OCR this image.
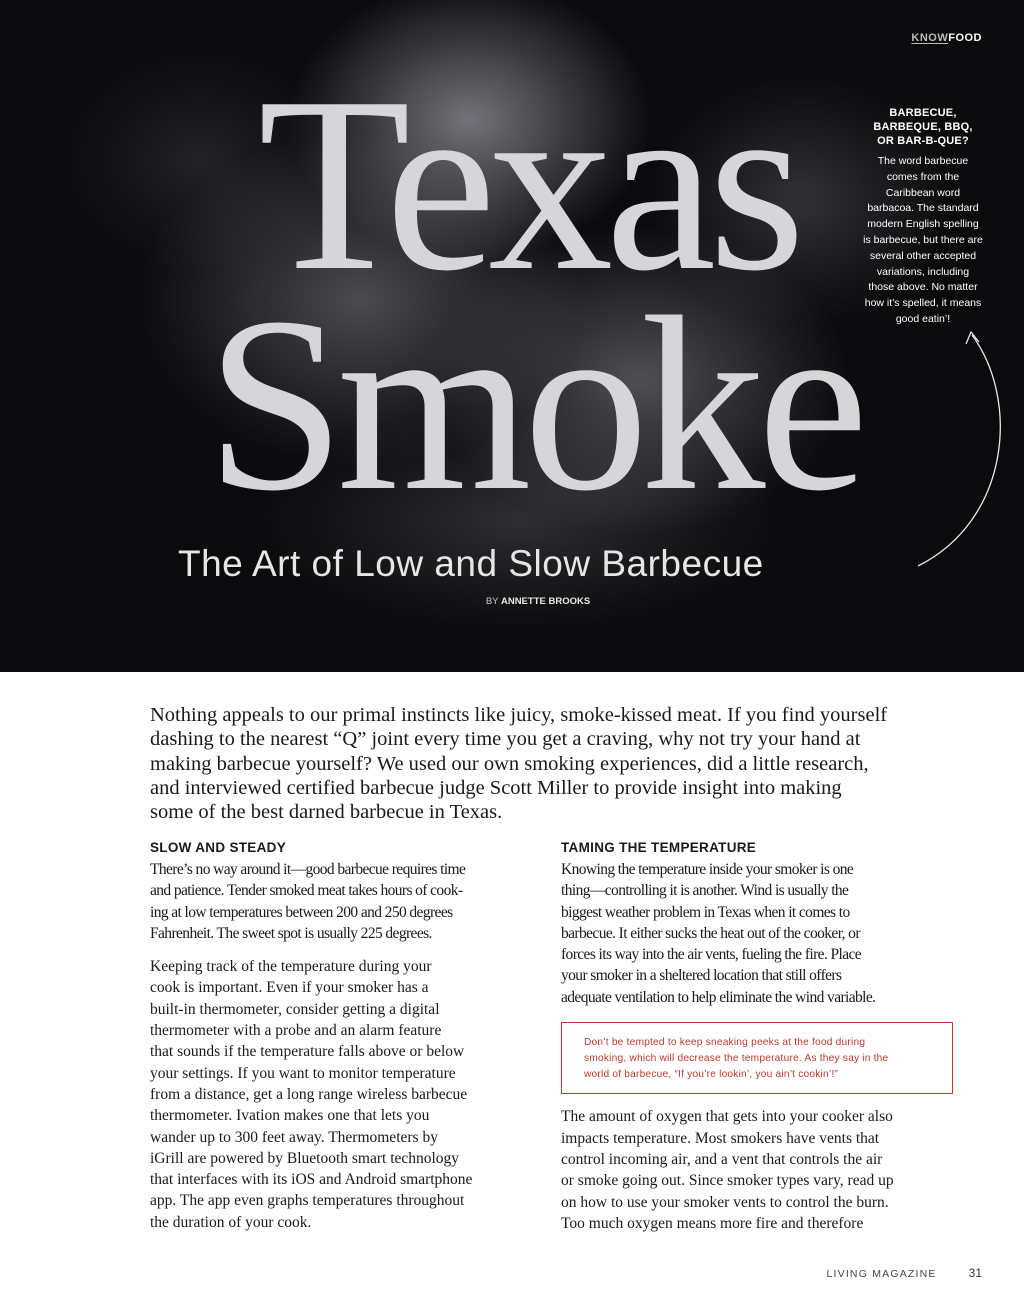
KNOWFOOD
Texas
Smoke
The Art of Low and Slow Barbecue
BY ANNETTE BROOKS
BARBECUE,
BARBEQUE, BBQ,
OR BAR-B-QUE?

The word barbecue
comes from the
Caribbean word
barbacoa. The standard
modern English spelling
is barbecue, but there are
several other accepted
variations, including
those above. No matter
how it’s spelled, it means
good eatin’!

Nothing appeals to our primal instincts like juicy, smoke-kissed meat. If you find yourself
dashing to the nearest “Q” joint every time you get a craving, why not try your hand at
making barbecue yourself? We used our own smoking experiences, did a little research,
and interviewed certified barbecue judge Scott Miller to provide insight into making
some of the best darned barbecue in Texas.
SLOW AND STEADY

There’s no way around it—good barbecue requires time
and patience. Tender smoked meat takes hours of cook-
ing at low temperatures between 200 and 250 degrees
Fahrenheit. The sweet spot is usually 225 degrees.

Keeping track of the temperature during your
cook is important. Even if your smoker has a
built-in thermometer, consider getting a digital
thermometer with a probe and an alarm feature
that sounds if the temperature falls above or below
your settings. If you want to monitor temperature
from a distance, get a long range wireless barbecue
thermometer. Ivation makes one that lets you
wander up to 300 feet away. Thermometers by
iGrill are powered by Bluetooth smart technology
that interfaces with its iOS and Android smartphone
app. The app even graphs temperatures throughout
the duration of your cook.

TAMING THE TEMPERATURE

Knowing the temperature inside your smoker is one
thing—controlling it is another. Wind is usually the
biggest weather problem in Texas when it comes to
barbecue. It either sucks the heat out of the cooker, or
forces its way into the air vents, fueling the fire. Place
your smoker in a sheltered location that still offers
adequate ventilation to help eliminate the wind variable.

Don’t be tempted to keep sneaking peeks at the food during
smoking, which will decrease the temperature. As they say in the
world of barbecue, “If you’re lookin’, you ain’t cookin’!”

The amount of oxygen that gets into your cooker also
impacts temperature. Most smokers have vents that
control incoming air, and a vent that controls the air
or smoke going out. Since smoker types vary, read up
on how to use your smoker vents to control the burn.
Too much oxygen means more fire and therefore

LIVING MAGAZINE	31
